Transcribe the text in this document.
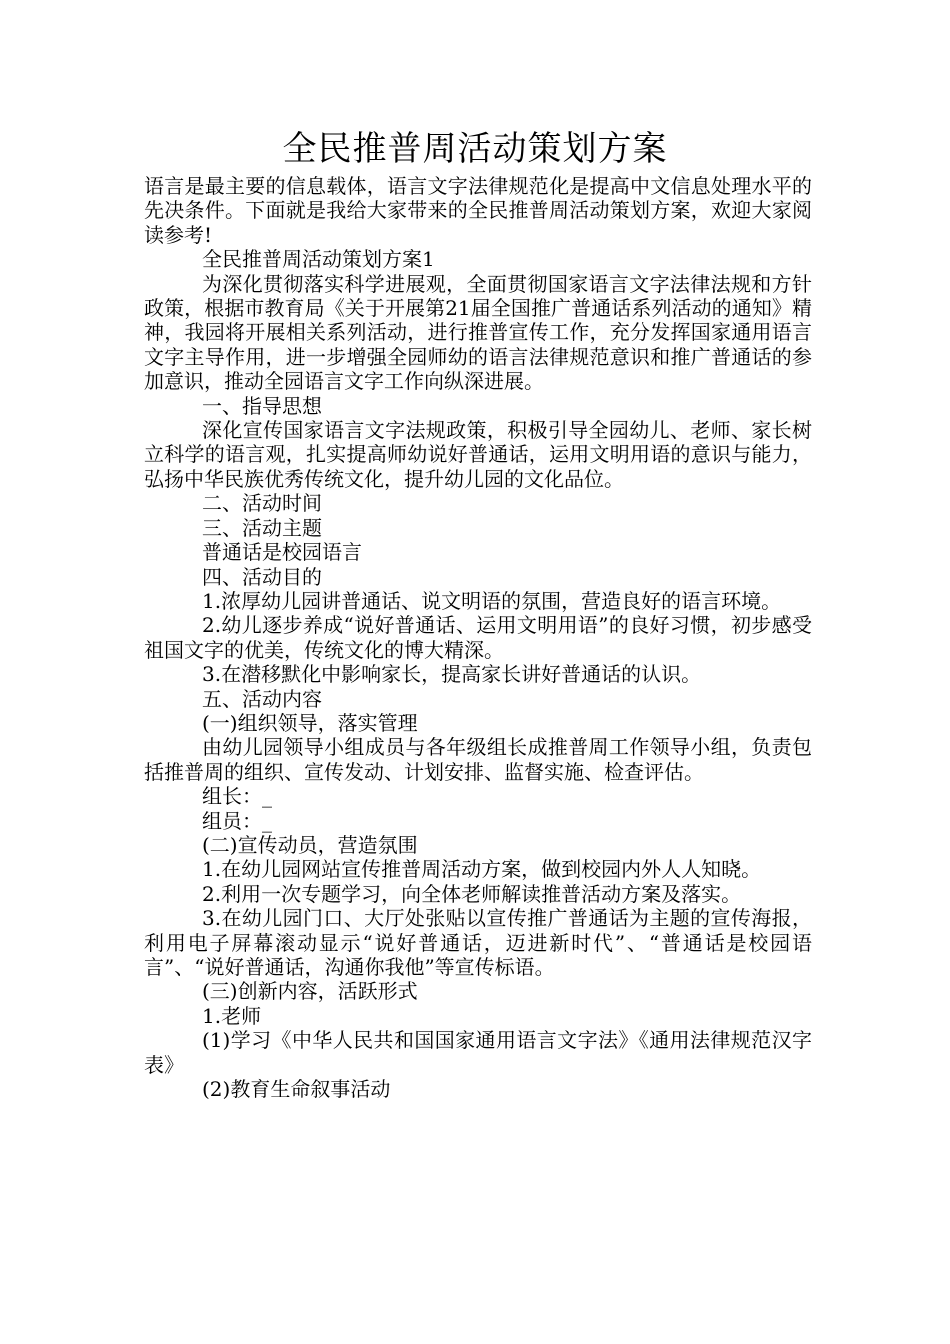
全民推普周活动策划方案

语言是最主要的信息载体，语言文字法律规范化是提高中文信息处理水平的先决条件。下面就是我给大家带来的全民推普周活动策划方案，欢迎大家阅读参考!

全民推普周活动策划方案1

为深化贯彻落实科学进展观，全面贯彻国家语言文字法律法规和方针政策，根据市教育局《关于开展第21届全国推广普通话系列活动的通知》精神，我园将开展相关系列活动，进行推普宣传工作，充分发挥国家通用语言文字主导作用，进一步增强全园师幼的语言法律规范意识和推广普通话的参加意识，推动全园语言文字工作向纵深进展。

一、指导思想

深化宣传国家语言文字法规政策，积极引导全园幼儿、老师、家长树立科学的语言观，扎实提高师幼说好普通话，运用文明用语的意识与能力，弘扬中华民族优秀传统文化，提升幼儿园的文化品位。

二、活动时间

三、活动主题

普通话是校园语言

四、活动目的

1.浓厚幼儿园讲普通话、说文明语的氛围，营造良好的语言环境。

2.幼儿逐步养成“说好普通话、运用文明用语”的良好习惯，初步感受祖国文字的优美，传统文化的博大精深。

3.在潜移默化中影响家长，提高家长讲好普通话的认识。

五、活动内容

(一)组织领导，落实管理

由幼儿园领导小组成员与各年级组长成推普周工作领导小组，负责包括推普周的组织、宣传发动、计划安排、监督实施、检查评估。

组长：_

组员：_

(二)宣传动员，营造氛围

1.在幼儿园网站宣传推普周活动方案，做到校园内外人人知晓。

2.利用一次专题学习，向全体老师解读推普活动方案及落实。

3.在幼儿园门口、大厅处张贴以宣传推广普通话为主题的宣传海报，利用电子屏幕滚动显示“说好普通话，迈进新时代”、“普通话是校园语言”、“说好普通话，沟通你我他”等宣传标语。

(三)创新内容，活跃形式

1.老师

(1)学习《中华人民共和国国家通用语言文字法》《通用法律规范汉字表》

(2)教育生命叙事活动
